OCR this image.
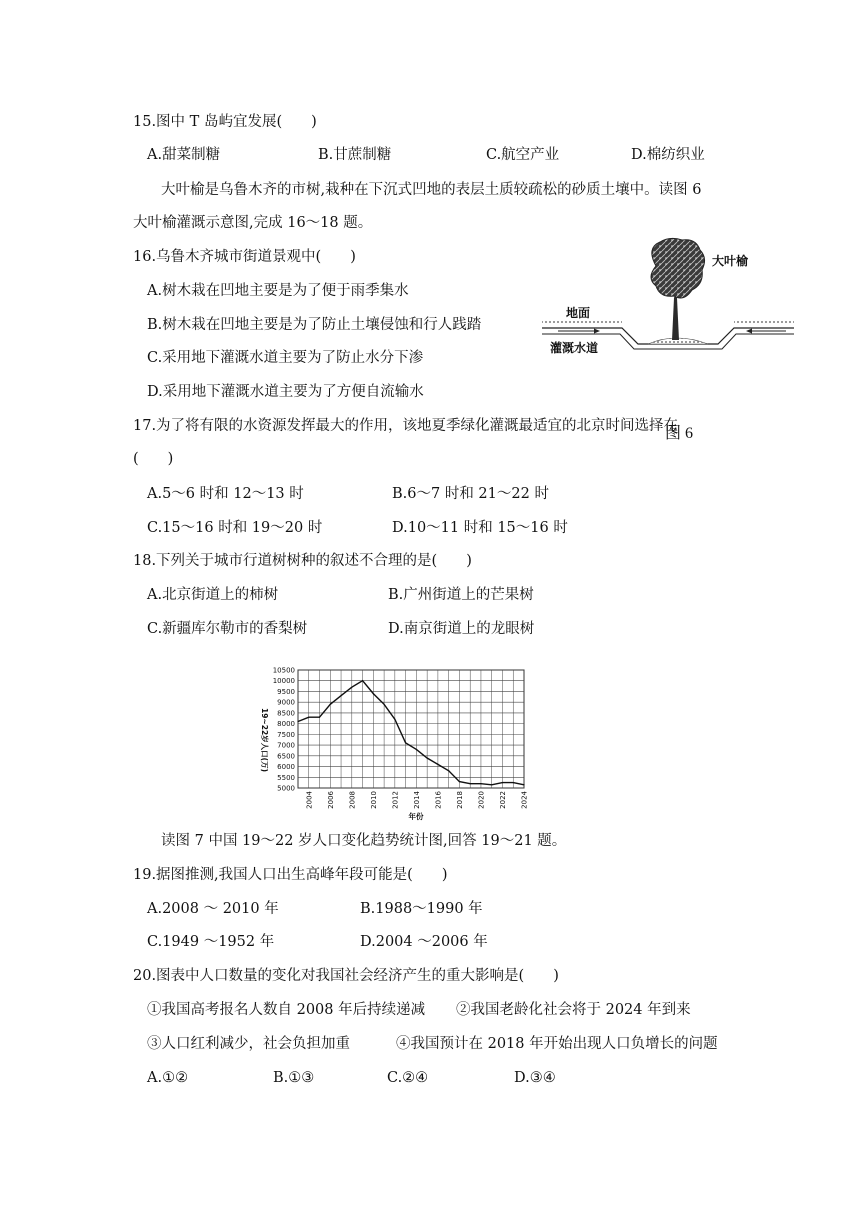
15.图中 T 岛屿宜发展(　　)
A.甜菜制糖	B.甘蔗制糖	C.航空产业	D.棉纺织业
大叶榆是乌鲁木齐的市树,栽种在下沉式凹地的表层土质较疏松的砂质土壤中。读图 6
大叶榆灌溉示意图,完成 16～18 题。
16.乌鲁木齐城市街道景观中(　　)
A.树木栽在凹地主要是为了便于雨季集水
B.树木栽在凹地主要是为了防止土壤侵蚀和行人践踏
C.采用地下灌溉水道主要为了防止水分下渗
D.采用地下灌溉水道主要为了方便自流输水
大叶榆
地面
灌溉水道
图 6
17.为了将有限的水资源发挥最大的作用，该地夏季绿化灌溉最适宜的北京时间选择在
(　　)
A.5～6 时和 12～13 时	B.6～7 时和 21～22 时
C.15～16 时和 19～20 时	D.10～11 时和 15～16 时
18.下列关于城市行道树树种的叙述不合理的是(　　)
A.北京街道上的柿树	B.广州街道上的芒果树
C.新疆库尔勒市的香梨树	D.南京街道上的龙眼树
5000
5500
6000
6500
7000
7500
8000
8500
9000
9500
10000
10500
2004 2006 2008 2010 2012 2014 2016 2018 2020 2022 2024
19~22岁人口(万)
年份
读图 7 中国 19～22 岁人口变化趋势统计图,回答 19～21 题。
19.据图推测,我国人口出生高峰年段可能是(　　)
A.2008 ～ 2010 年	B.1988～1990 年
C.1949 ～1952 年	D.2004 ～2006 年
20.图表中人口数量的变化对我国社会经济产生的重大影响是(　　)
①我国高考报名人数自 2008 年后持续递减 ②我国老龄化社会将于 2024 年到来
③人口红利减少，社会负担加重	④我国预计在 2018 年开始出现人口负增长的问题
A.①②	B.①③	C.②④	D.③④
